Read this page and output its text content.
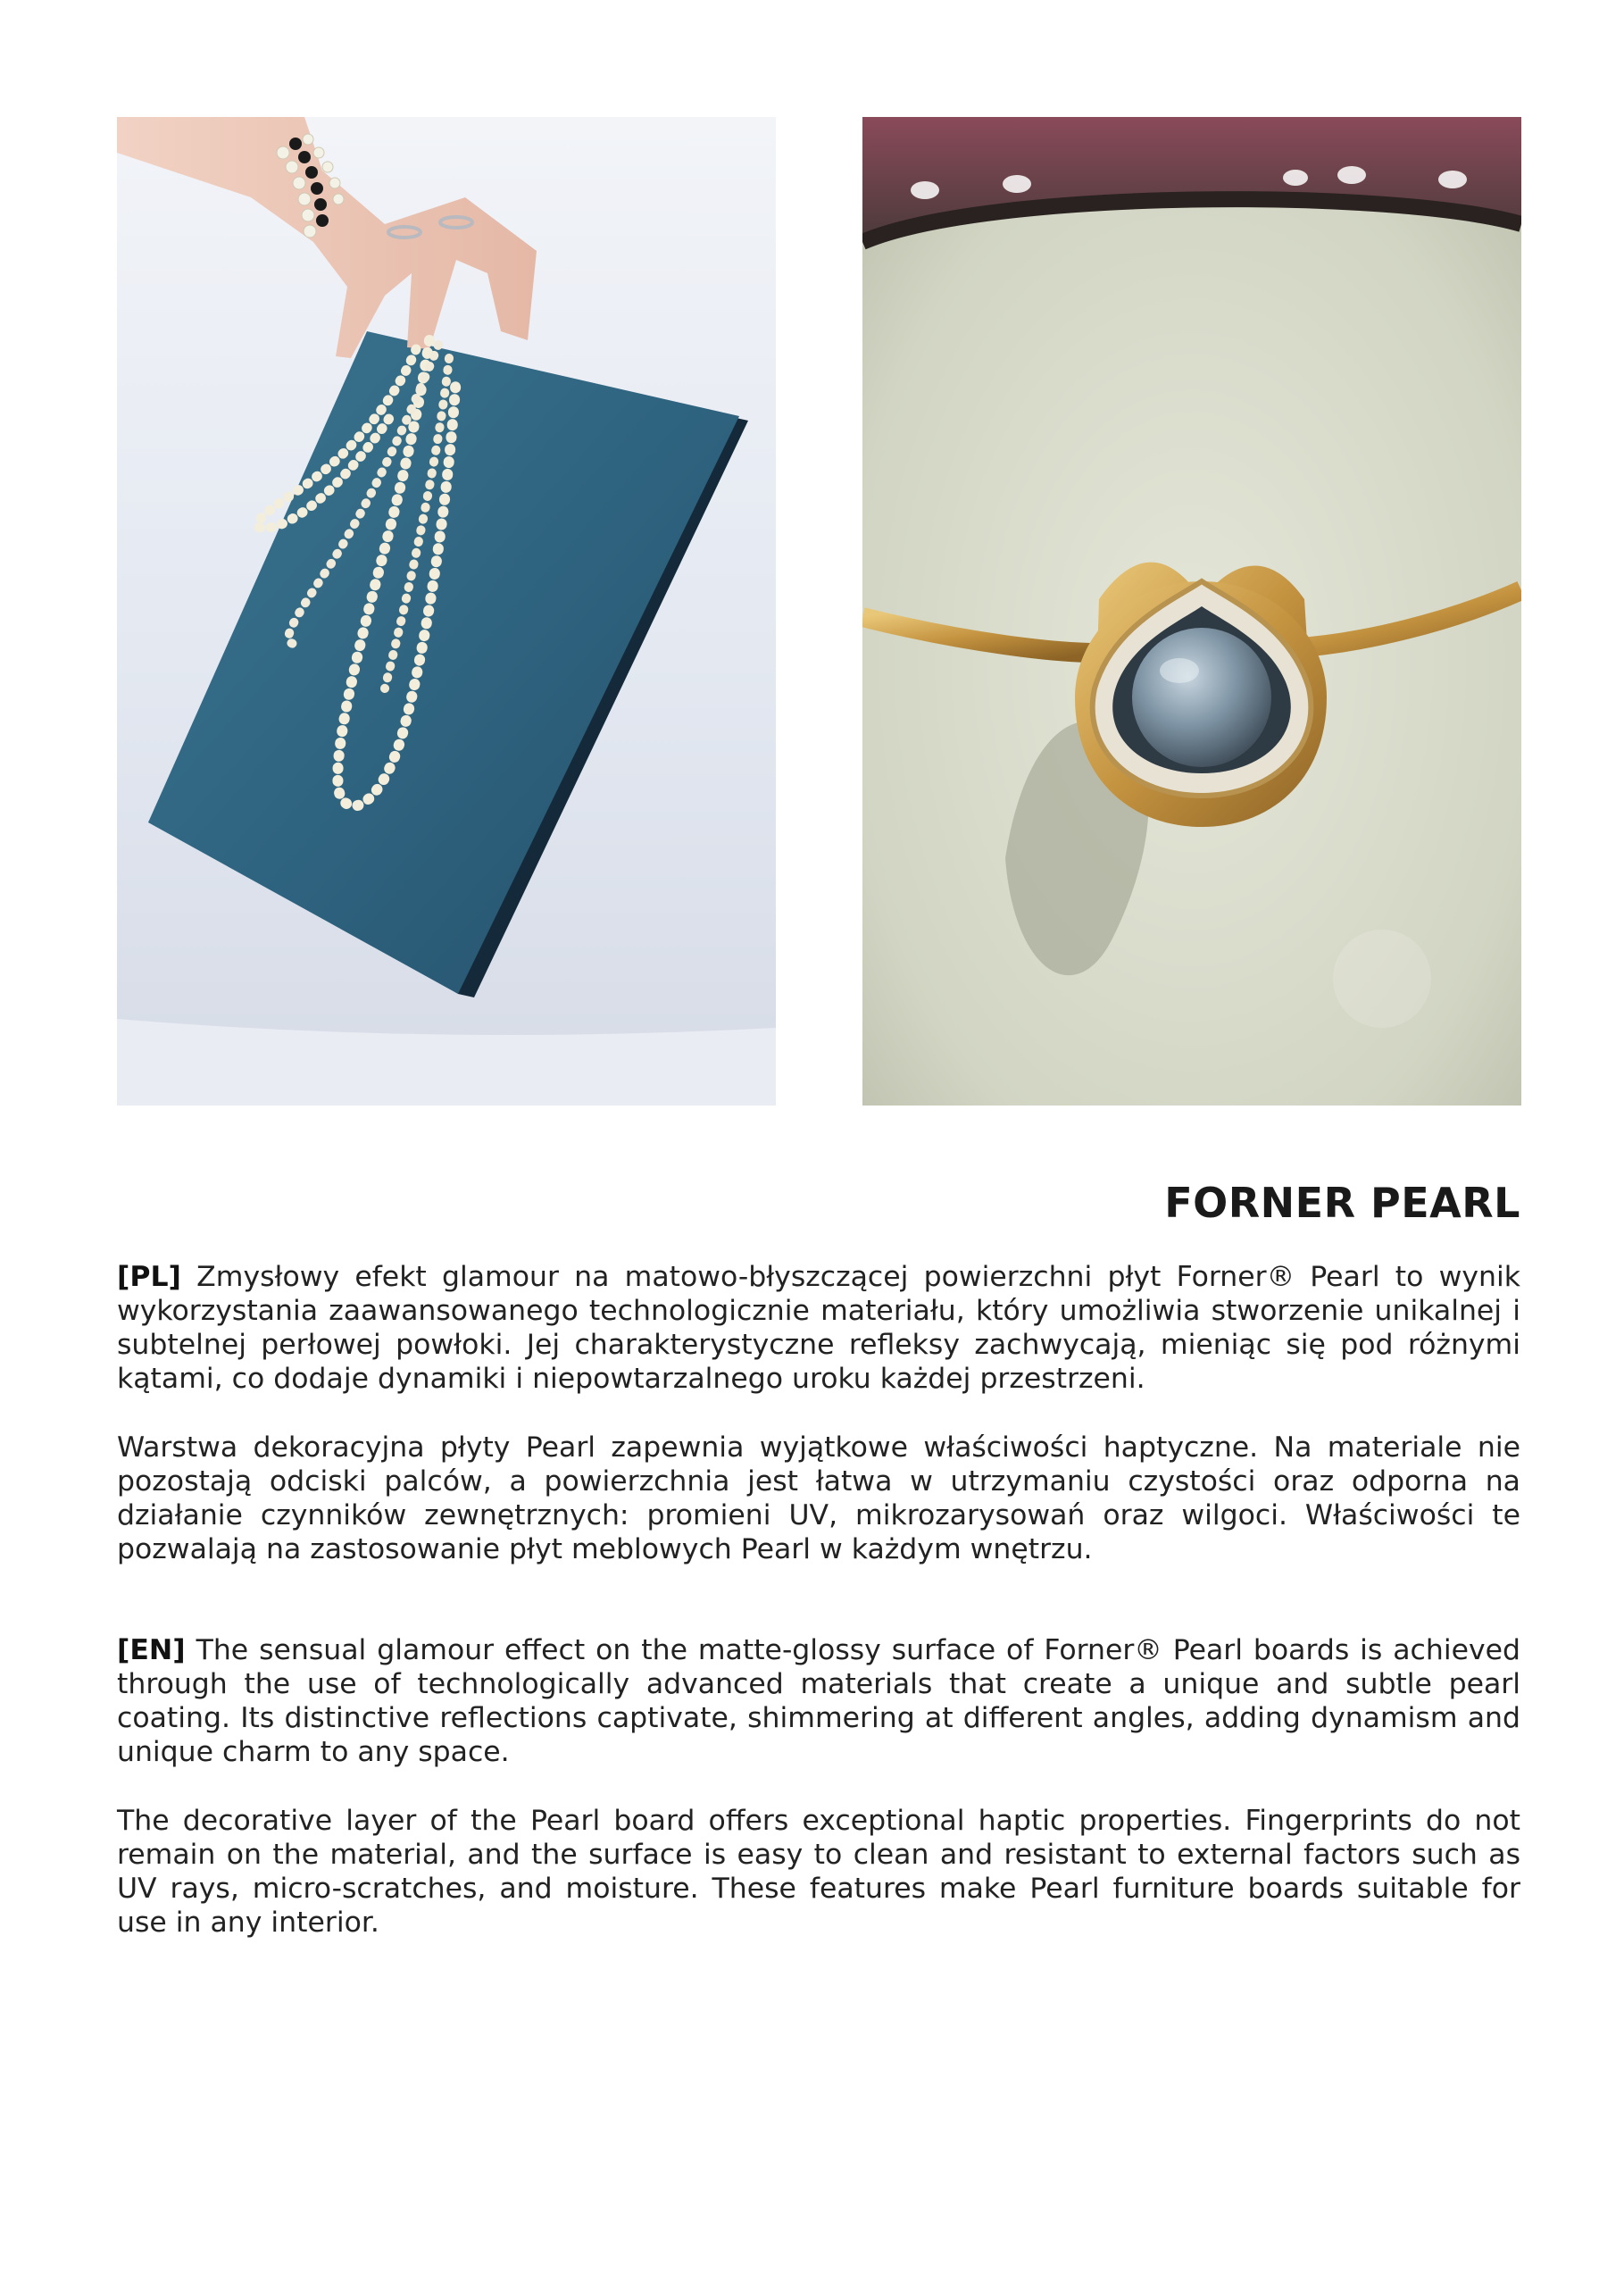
FORNER PEARL

[PL] Zmysłowy efekt glamour na matowo-błyszczącej powierzchni płyt Forner® Pearl to wynik wykorzystania zaawansowanego technologicznie materiału, który umożliwia stworzenie unikalnej i subtelnej perłowej powłoki. Jej charakterystyczne refleksy zachwycają, mieniąc się pod różnymi kątami, co dodaje dynamiki i niepowtarzalnego uroku każdej przestrzeni.

Warstwa dekoracyjna płyty Pearl zapewnia wyjątkowe właściwości haptyczne. Na materiale nie pozostają odciski palców, a powierzchnia jest łatwa w utrzymaniu czystości oraz odporna na działanie czynników zewnętrznych: promieni UV, mikrozarysowań oraz wilgoci. Właściwości te pozwalają na zastosowanie płyt meblowych Pearl w każdym wnętrzu.

[EN] The sensual glamour effect on the matte-glossy surface of Forner® Pearl boards is achieved through the use of technologically advanced materials that create a unique and subtle pearl coating. Its distinctive reflections captivate, shimmering at different angles, adding dynamism and unique charm to any space.

The decorative layer of the Pearl board offers exceptional haptic properties. Fingerprints do not remain on the material, and the surface is easy to clean and resistant to external factors such as UV rays, micro-scratches, and moisture. These features make Pearl furniture boards suitable for use in any interior.
